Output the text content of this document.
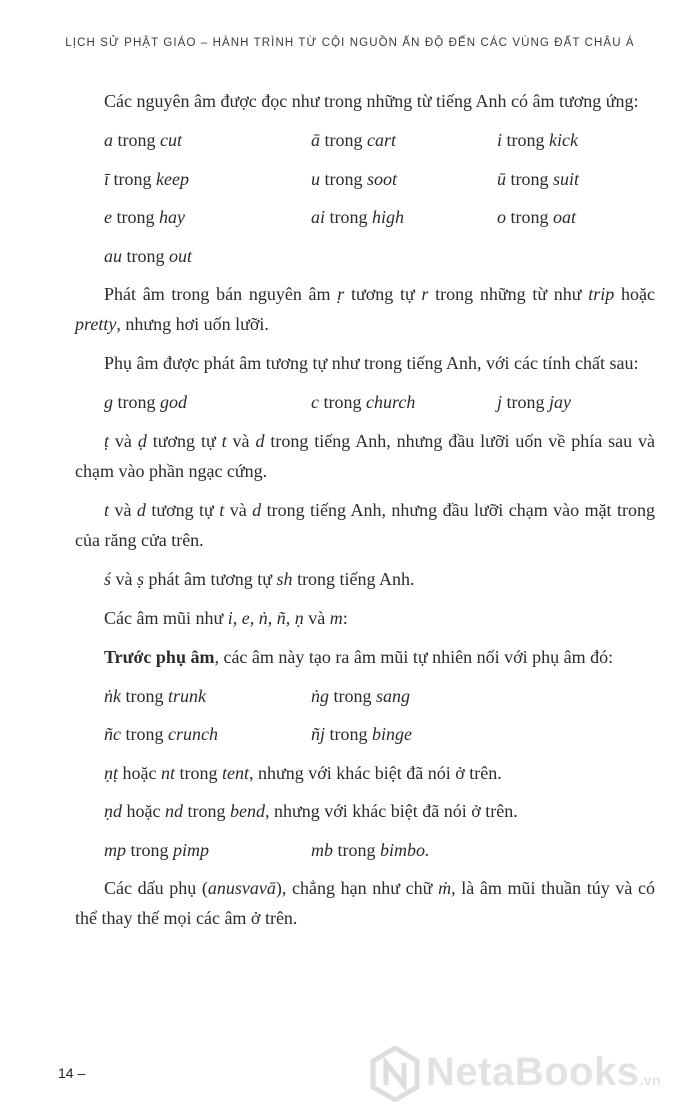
LỊCH SỬ PHẬT GIÁO – HÀNH TRÌNH TỪ CỘI NGUỒN ẤN ĐỘ ĐẾN CÁC VÙNG ĐẤT CHÂU Á

Các nguyên âm được đọc như trong những từ tiếng Anh có âm tương ứng:

a trong cut	ā trong cart	i trong kick
ī trong keep	u trong soot	ū trong suit
e trong hay	ai trong high	o trong oat
au trong out

Phát âm trong bán nguyên âm ṛ tương tự r trong những từ như trip hoặc pretty, nhưng hơi uốn lưỡi.

Phụ âm được phát âm tương tự như trong tiếng Anh, với các tính chất sau:

g trong god	c trong church	j trong jay

ṭ và ḍ tương tự t và d trong tiếng Anh, nhưng đầu lưỡi uốn về phía sau và chạm vào phần ngạc cứng.

t và d tương tự t và d trong tiếng Anh, nhưng đầu lưỡi chạm vào mặt trong của răng cửa trên.

ś và ṣ phát âm tương tự sh trong tiếng Anh.

Các âm mũi như i, e, ṅ, ñ, ṇ và m:

Trước phụ âm, các âm này tạo ra âm mũi tự nhiên nối với phụ âm đó:

ṅk trong trunk	ṅg trong sang
ñc trong crunch	ñj trong binge
ṇṭ hoặc nt trong tent, nhưng với khác biệt đã nói ở trên.
ṇd hoặc nd trong bend, nhưng với khác biệt đã nói ở trên.
mp trong pimp	mb trong bimbo.

Các dấu phụ (anusvavā), chẳng hạn như chữ ṁ, là âm mũi thuần túy và có thể thay thế mọi các âm ở trên.

14 –	NetaBooks.vn
